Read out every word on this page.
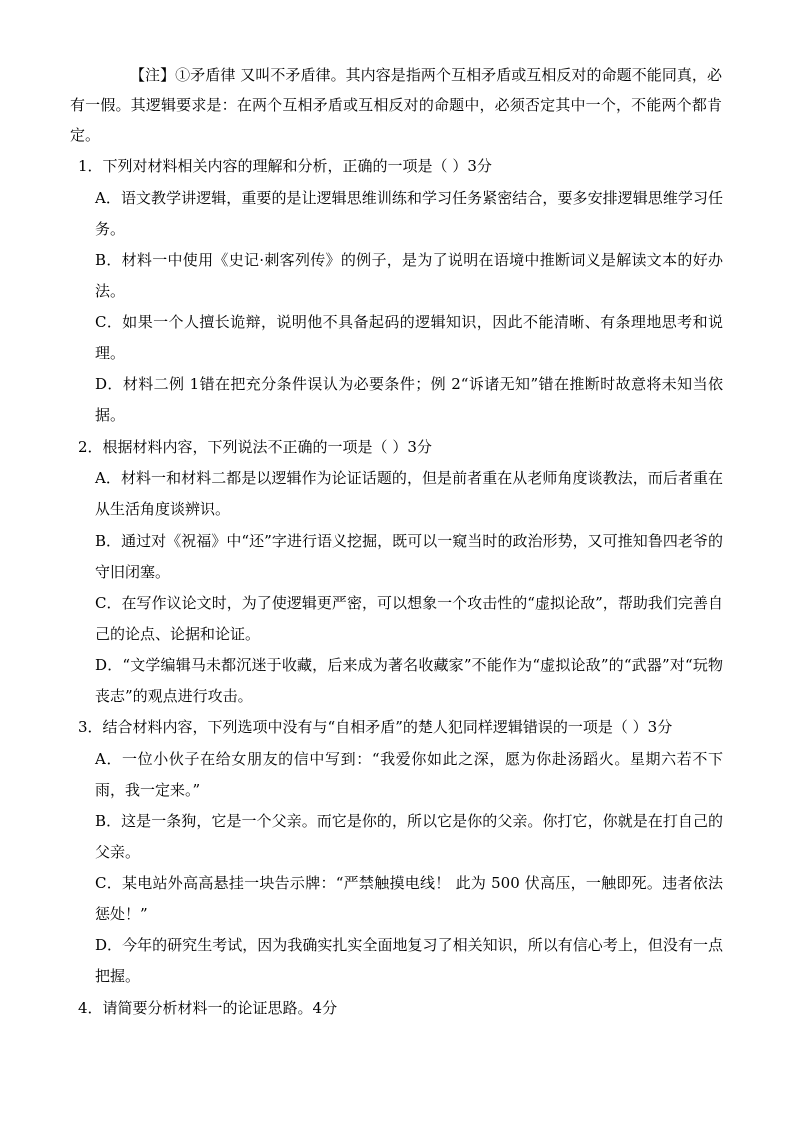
【注】①矛盾律 又叫不矛盾律。其内容是指两个互相矛盾或互相反对的命题不能同真，必有一假。其逻辑要求是：在两个互相矛盾或互相反对的命题中，必须否定其中一个，不能两个都肯定。
1．下列对材料相关内容的理解和分析，正确的一项是（ ）3分
A．语文教学讲逻辑，重要的是让逻辑思维训练和学习任务紧密结合，要多安排逻辑思维学习任务。
B．材料一中使用《史记·刺客列传》的例子，是为了说明在语境中推断词义是解读文本的好办法。
C．如果一个人擅长诡辩，说明他不具备起码的逻辑知识，因此不能清晰、有条理地思考和说理。
D．材料二例 1错在把充分条件误认为必要条件；例 2“诉诸无知”错在推断时故意将未知当依据。
2．根据材料内容，下列说法不正确的一项是（ ）3分
A．材料一和材料二都是以逻辑作为论证话题的，但是前者重在从老师角度谈教法，而后者重在从生活角度谈辨识。
B．通过对《祝福》中“还”字进行语义挖掘，既可以一窥当时的政治形势，又可推知鲁四老爷的守旧闭塞。
C．在写作议论文时，为了使逻辑更严密，可以想象一个攻击性的“虚拟论敌”，帮助我们完善自己的论点、论据和论证。
D．“文学编辑马未都沉迷于收藏，后来成为著名收藏家”不能作为“虚拟论敌”的“武器”对“玩物丧志”的观点进行攻击。
3．结合材料内容，下列选项中没有与“自相矛盾”的楚人犯同样逻辑错误的一项是（ ）3分
A．一位小伙子在给女朋友的信中写到：“我爱你如此之深，愿为你赴汤蹈火。星期六若不下雨，我一定来。”
B．这是一条狗，它是一个父亲。而它是你的，所以它是你的父亲。你打它，你就是在打自己的父亲。
C．某电站外高高悬挂一块告示牌：“严禁触摸电线！ 此为 500 伏高压，一触即死。违者依法惩处！”
D．今年的研究生考试，因为我确实扎实全面地复习了相关知识，所以有信心考上，但没有一点把握。
4．请简要分析材料一的论证思路。4分
